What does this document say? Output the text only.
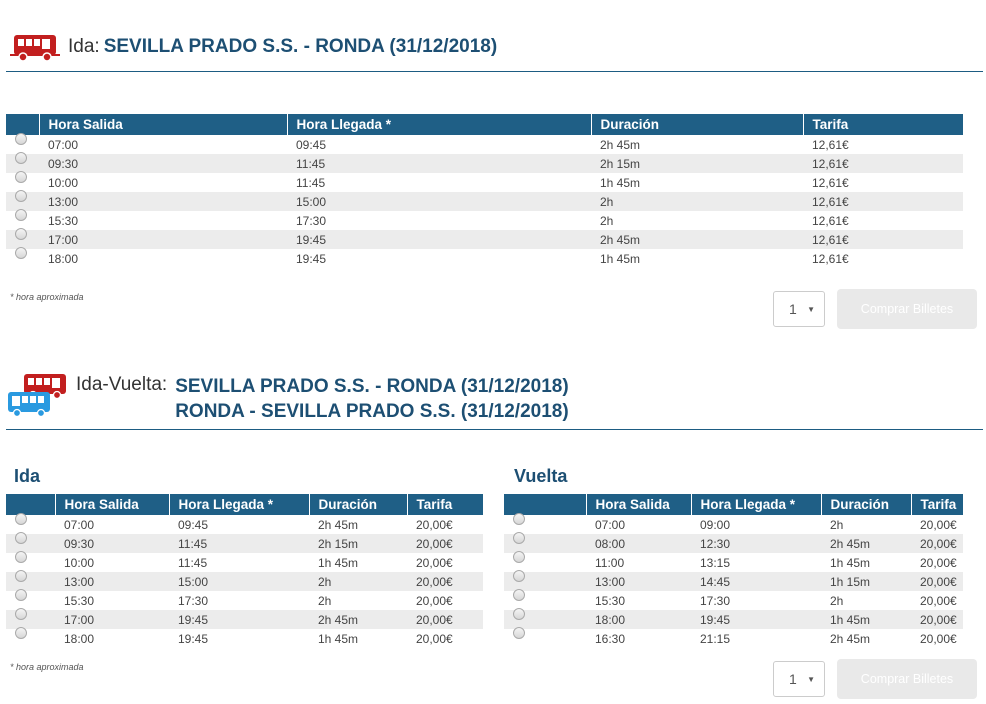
Ida: SEVILLA PRADO S.S. - RONDA (31/12/2018)
	Hora Salida	Hora Llegada *	Duración	Tarifa
	07:00	09:45	2h 45m	12,61€
	09:30	11:45	2h 15m	12,61€
	10:00	11:45	1h 45m	12,61€
	13:00	15:00	2h	12,61€
	15:30	17:30	2h	12,61€
	17:00	19:45	2h 45m	12,61€
	18:00	19:45	1h 45m	12,61€
* hora aproximada
1	▼	Comprar Billetes
Ida-Vuelta: SEVILLA PRADO S.S. - RONDA (31/12/2018)
RONDA - SEVILLA PRADO S.S. (31/12/2018)
Ida	Vuelta
	Hora Salida	Hora Llegada *	Duración	Tarifa
	07:00	09:45	2h 45m	20,00€
	09:30	11:45	2h 15m	20,00€
	10:00	11:45	1h 45m	20,00€
	13:00	15:00	2h	20,00€
	15:30	17:30	2h	20,00€
	17:00	19:45	2h 45m	20,00€
	18:00	19:45	1h 45m	20,00€
	Hora Salida	Hora Llegada *	Duración	Tarifa
	07:00	09:00	2h	20,00€
	08:00	12:30	2h 45m	20,00€
	11:00	13:15	1h 45m	20,00€
	13:00	14:45	1h 15m	20,00€
	15:30	17:30	2h	20,00€
	18:00	19:45	1h 45m	20,00€
	16:30	21:15	2h 45m	20,00€
* hora aproximada
1	▼	Comprar Billetes
